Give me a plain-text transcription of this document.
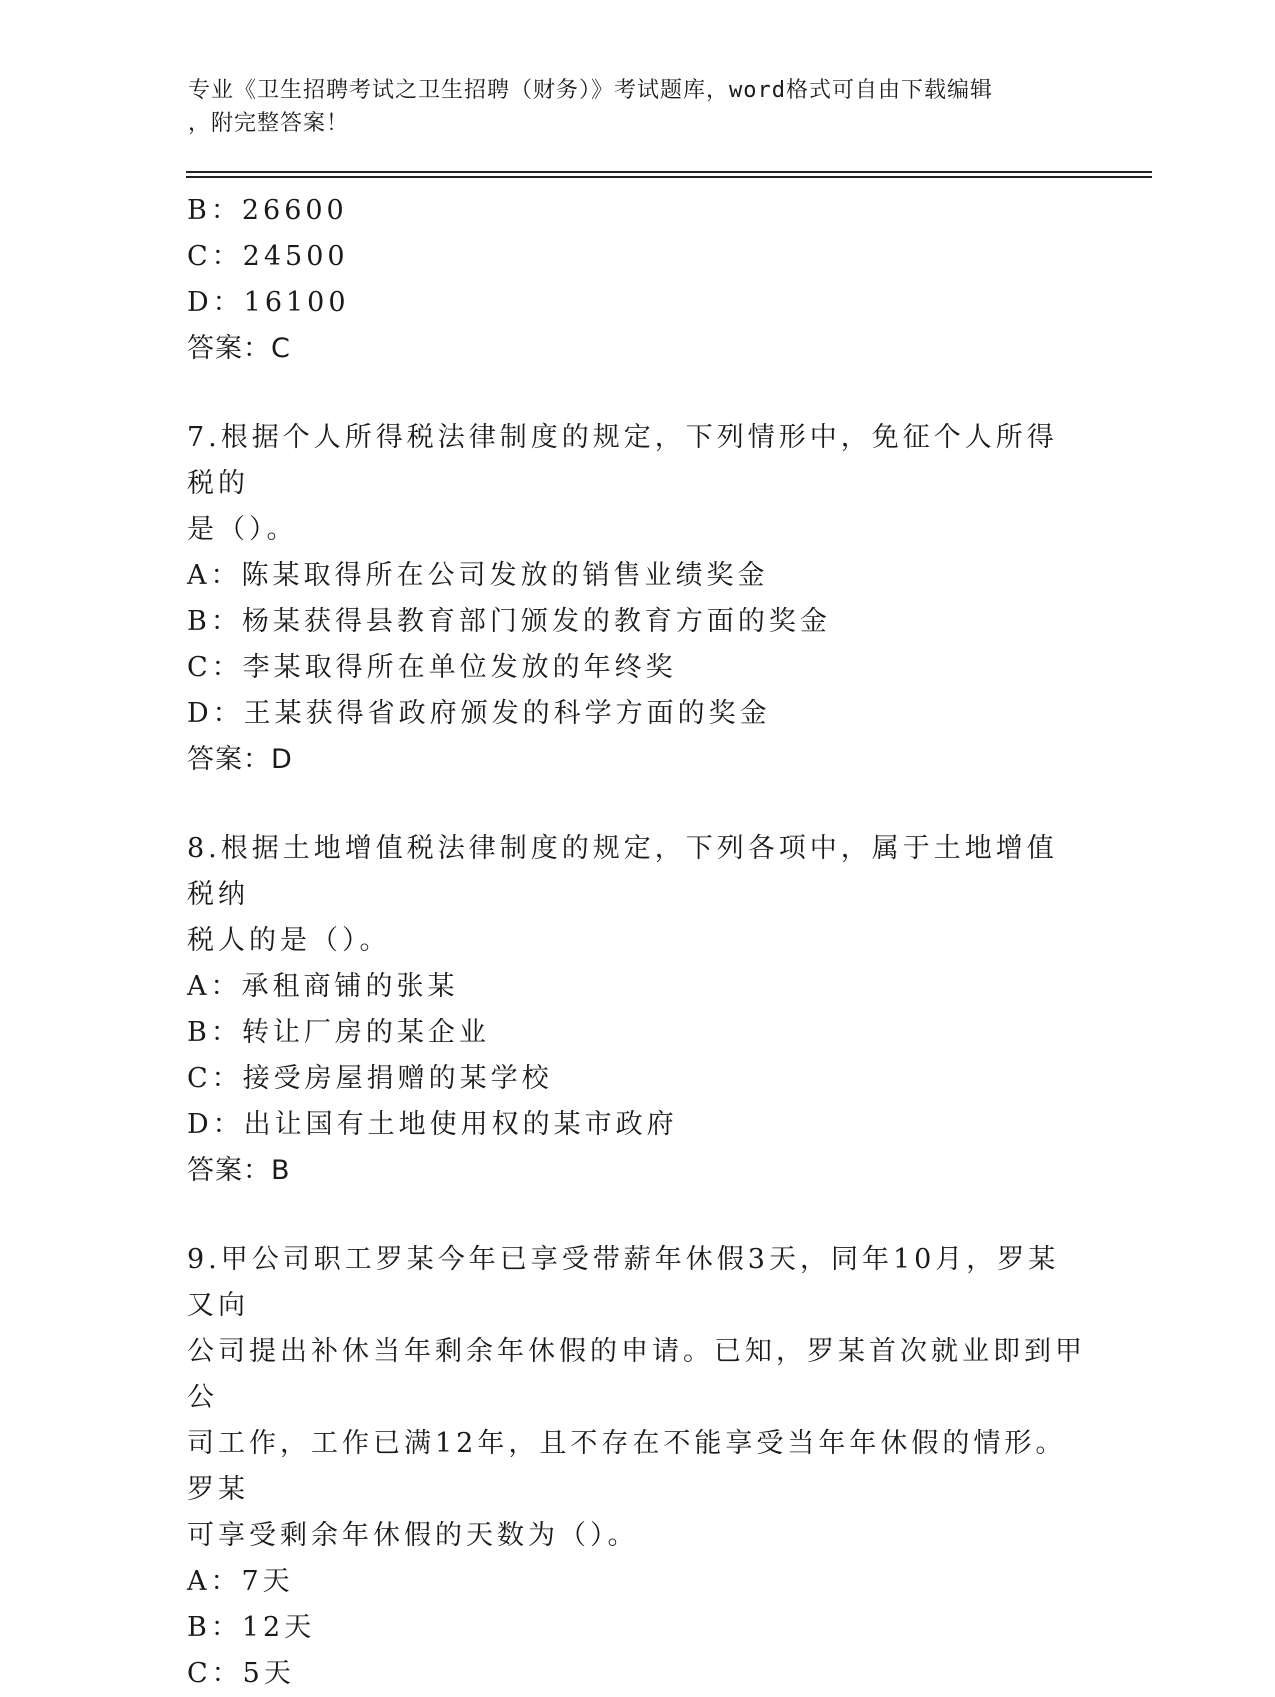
专业《卫生招聘考试之卫生招聘（财务）》考试题库，word格式可自由下载编辑
，附完整答案！
B：26600
C：24500
D：16100
答案：C
7.根据个人所得税法律制度的规定，下列情形中，免征个人所得税的
是（）。
A：陈某取得所在公司发放的销售业绩奖金
B：杨某获得县教育部门颁发的教育方面的奖金
C：李某取得所在单位发放的年终奖
D：王某获得省政府颁发的科学方面的奖金
答案：D
8.根据土地增值税法律制度的规定，下列各项中，属于土地增值税纳
税人的是（）。
A：承租商铺的张某
B：转让厂房的某企业
C：接受房屋捐赠的某学校
D：出让国有土地使用权的某市政府
答案：B
9.甲公司职工罗某今年已享受带薪年休假3天，同年10月，罗某又向
公司提出补休当年剩余年休假的申请。已知，罗某首次就业即到甲公
司工作，工作已满12年，且不存在不能享受当年年休假的情形。罗某
可享受剩余年休假的天数为（）。
A：7天
B：12天
C：5天
